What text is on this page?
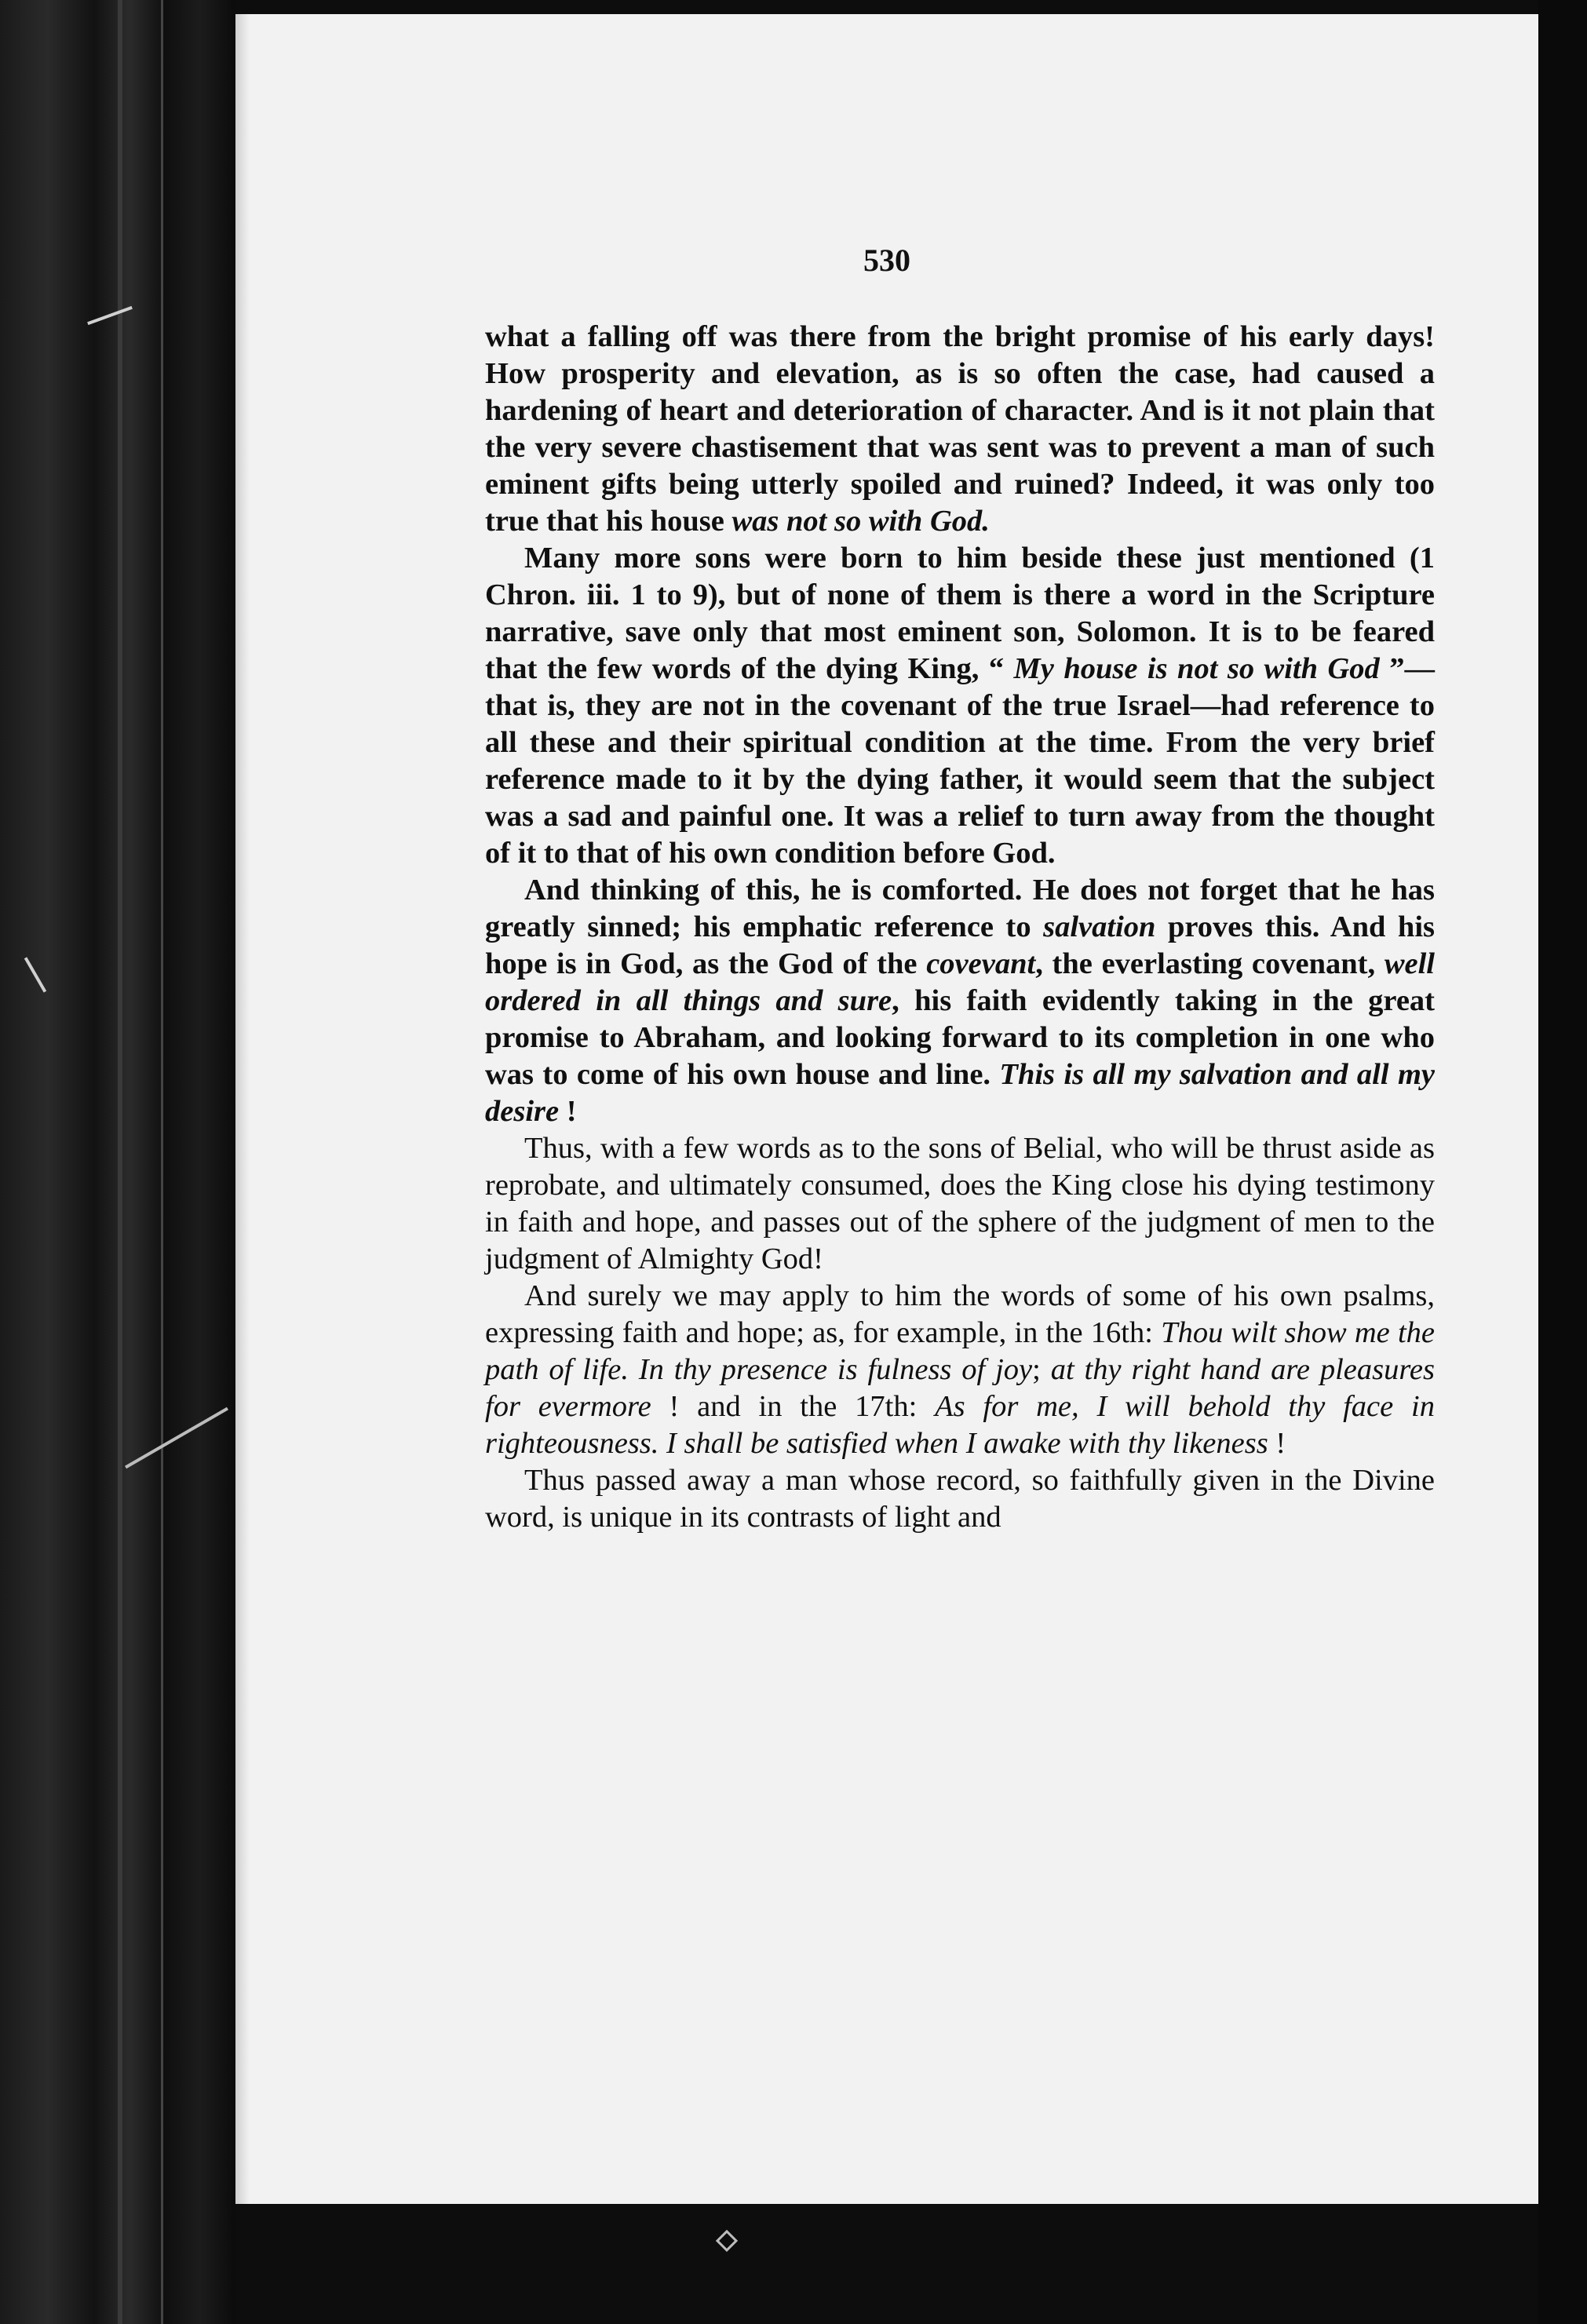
530

what a falling off was there from the bright promise of his early days! How prosperity and elevation, as is so often the case, had caused a hardening of heart and deterioration of character. And is it not plain that the very severe chastisement that was sent was to prevent a man of such eminent gifts being utterly spoiled and ruined? Indeed, it was only too true that his house was not so with God.

Many more sons were born to him beside these just mentioned (1 Chron. iii. 1 to 9), but of none of them is there a word in the Scripture narrative, save only that most eminent son, Solomon. It is to be feared that the few words of the dying King, “ My house is not so with God ”—that is, they are not in the covenant of the true Israel—had reference to all these and their spiritual condition at the time. From the very brief reference made to it by the dying father, it would seem that the subject was a sad and painful one. It was a relief to turn away from the thought of it to that of his own condition before God.

And thinking of this, he is comforted. He does not forget that he has greatly sinned; his emphatic reference to salvation proves this. And his hope is in God, as the God of the covevant, the everlasting covenant, well ordered in all things and sure, his faith evidently taking in the great promise to Abraham, and looking forward to its completion in one who was to come of his own house and line. This is all my salvation and all my desire !

Thus, with a few words as to the sons of Belial, who will be thrust aside as reprobate, and ultimately consumed, does the King close his dying testimony in faith and hope, and passes out of the sphere of the judgment of men to the judgment of Almighty God!

And surely we may apply to him the words of some of his own psalms, expressing faith and hope; as, for example, in the 16th: Thou wilt show me the path of life. In thy presence is fulness of joy; at thy right hand are pleasures for evermore ! and in the 17th: As for me, I will behold thy face in righteousness. I shall be satisfied when I awake with thy likeness !

Thus passed away a man whose record, so faithfully given in the Divine word, is unique in its contrasts of light and
